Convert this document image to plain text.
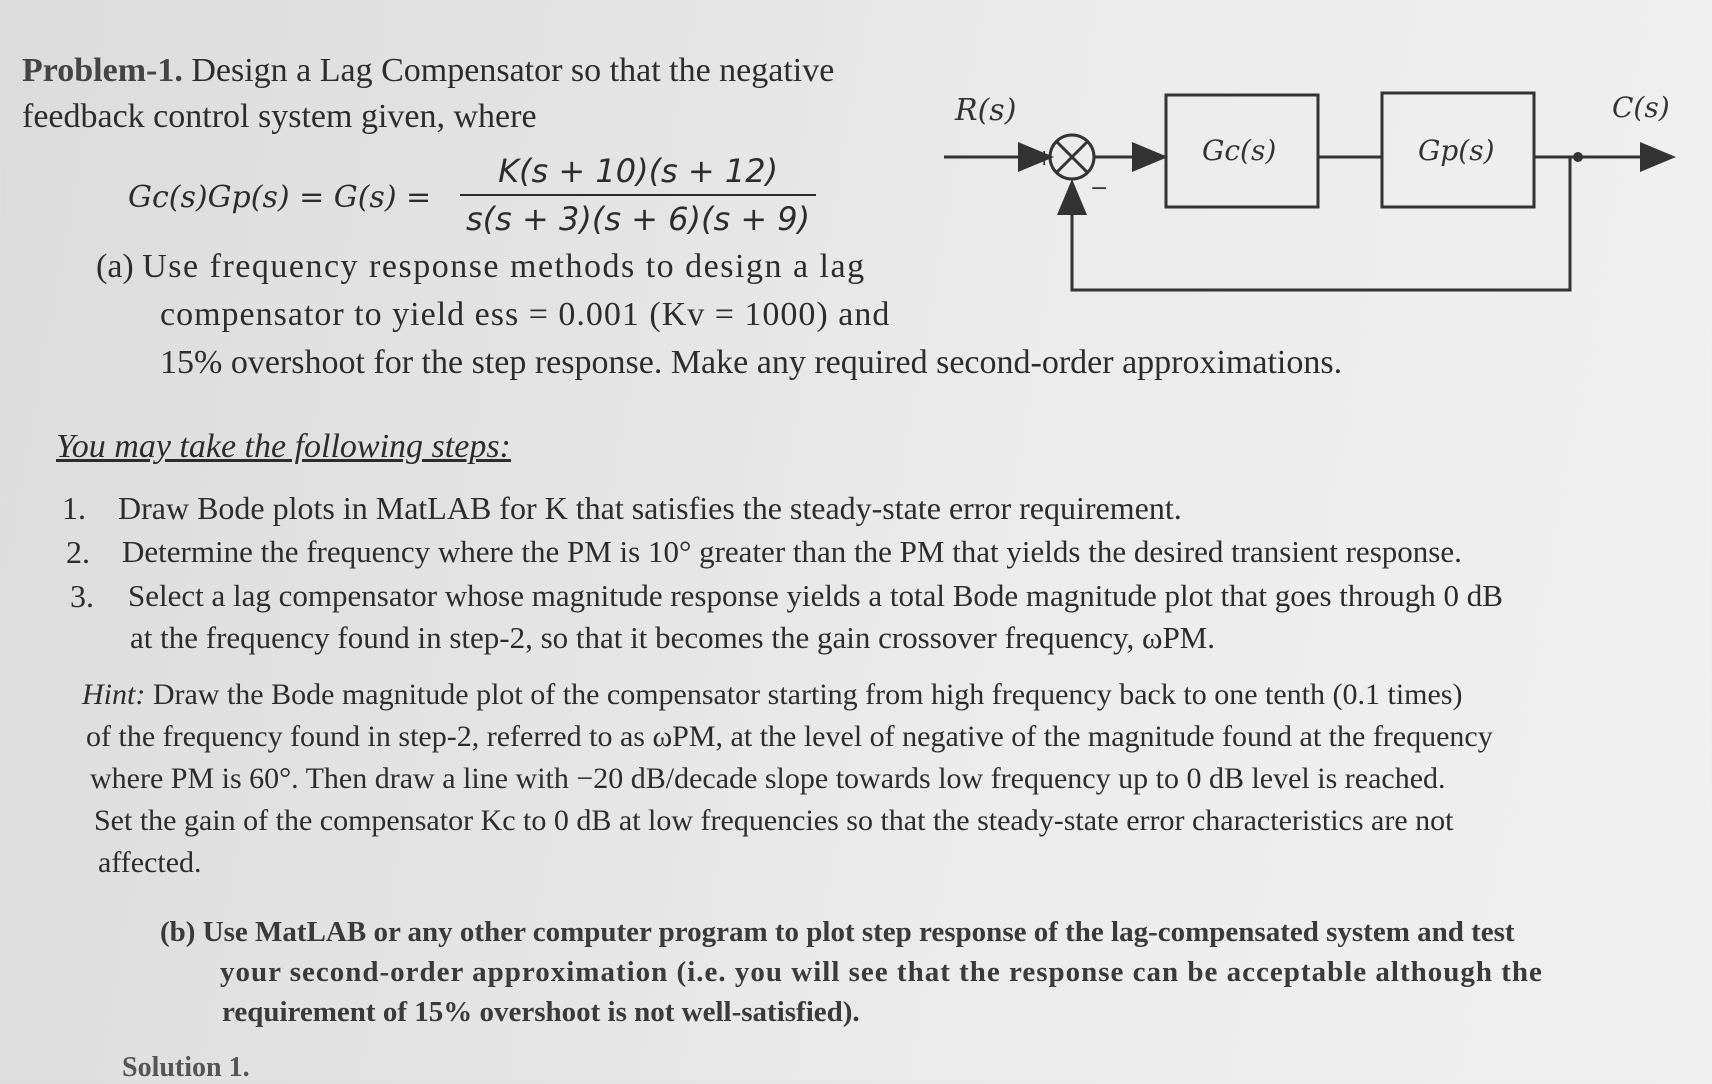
Problem-1. Design a Lag Compensator so that the negative
feedback control system given, where
Gc(s)Gp(s) = G(s) =
K(s + 10)(s + 12)
s(s + 3)(s + 6)(s + 9)
(a) Use frequency response methods to design a lag
compensator to yield ess = 0.001 (Kv = 1000) and
15% overshoot for the step response. Make any required second-order approximations.
R(s)
+
−
Gc(s)	Gp(s)
C(s)
You may take the following steps:
1. Draw Bode plots in MatLAB for K that satisfies the steady-state error requirement.
2. Determine the frequency where the PM is 10° greater than the PM that yields the desired transient response.
3. Select a lag compensator whose magnitude response yields a total Bode magnitude plot that goes through 0 dB
at the frequency found in step-2, so that it becomes the gain crossover frequency, ωPM.
Hint: Draw the Bode magnitude plot of the compensator starting from high frequency back to one tenth (0.1 times)
of the frequency found in step-2, referred to as ωPM, at the level of negative of the magnitude found at the frequency
where PM is 60°. Then draw a line with −20 dB/decade slope towards low frequency up to 0 dB level is reached.
Set the gain of the compensator Kc to 0 dB at low frequencies so that the steady-state error characteristics are not
affected.
(b) Use MatLAB or any other computer program to plot step response of the lag-compensated system and test
your second-order approximation (i.e. you will see that the response can be acceptable although the
requirement of 15% overshoot is not well-satisfied).
Solution 1.
